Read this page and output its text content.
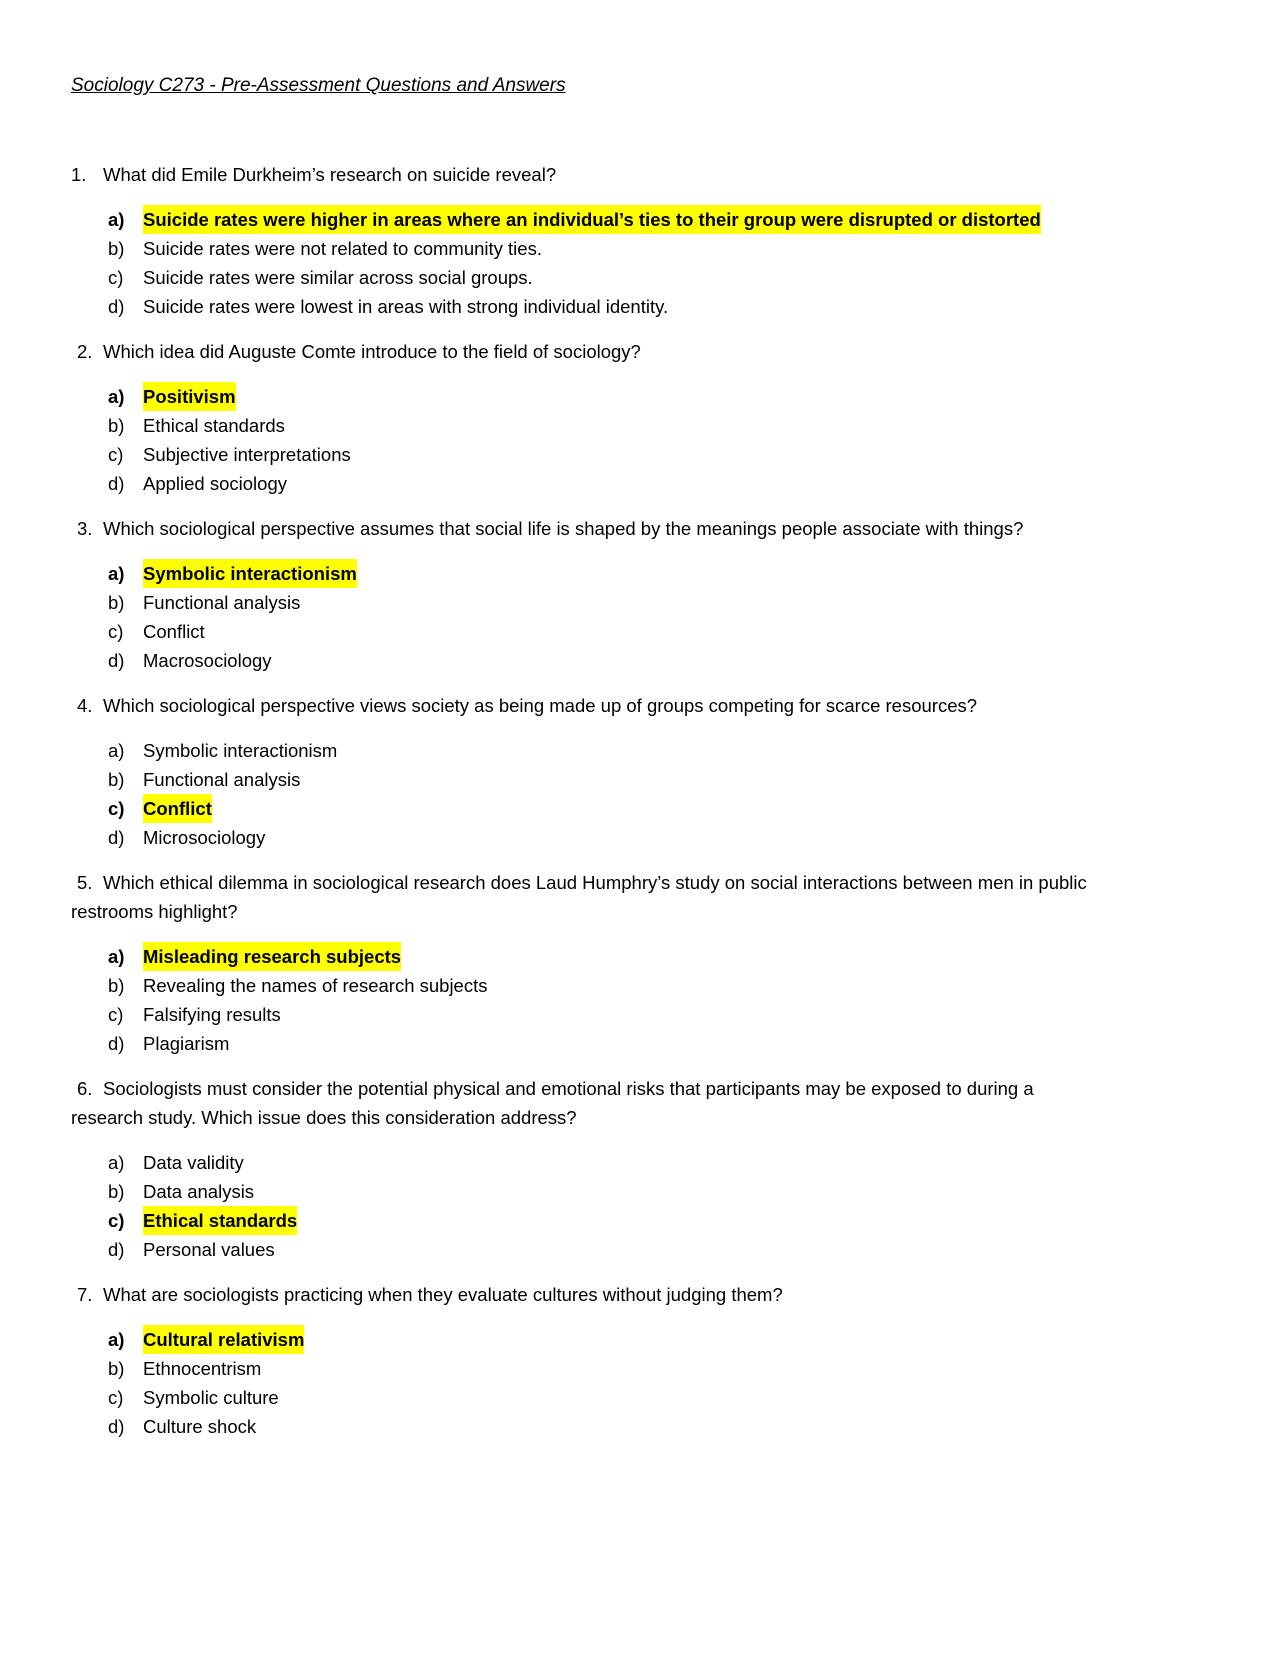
Sociology C273 - Pre-Assessment Questions and Answers

1. What did Emile Durkheim’s research on suicide reveal?

a)	Suicide rates were higher in areas where an individual’s ties to their group were disrupted or distorted
b)	Suicide rates were not related to community ties.
c)	Suicide rates were similar across social groups.
d)	Suicide rates were lowest in areas with strong individual identity.

2. Which idea did Auguste Comte introduce to the field of sociology?

a)	Positivism
b)	Ethical standards
c)	Subjective interpretations
d)	Applied sociology

3. Which sociological perspective assumes that social life is shaped by the meanings people associate with things?

a)	Symbolic interactionism
b)	Functional analysis
c)	Conflict
d)	Macrosociology

4. Which sociological perspective views society as being made up of groups competing for scarce resources?

a)	Symbolic interactionism
b)	Functional analysis
c)	Conflict
d)	Microsociology

5. Which ethical dilemma in sociological research does Laud Humphry’s study on social interactions between men in public restrooms highlight?

a)	Misleading research subjects
b)	Revealing the names of research subjects
c)	Falsifying results
d)	Plagiarism

6. Sociologists must consider the potential physical and emotional risks that participants may be exposed to during a research study. Which issue does this consideration address?

a)	Data validity
b)	Data analysis
c)	Ethical standards
d)	Personal values

7. What are sociologists practicing when they evaluate cultures without judging them?

a)	Cultural relativism
b)	Ethnocentrism
c)	Symbolic culture
d)	Culture shock
